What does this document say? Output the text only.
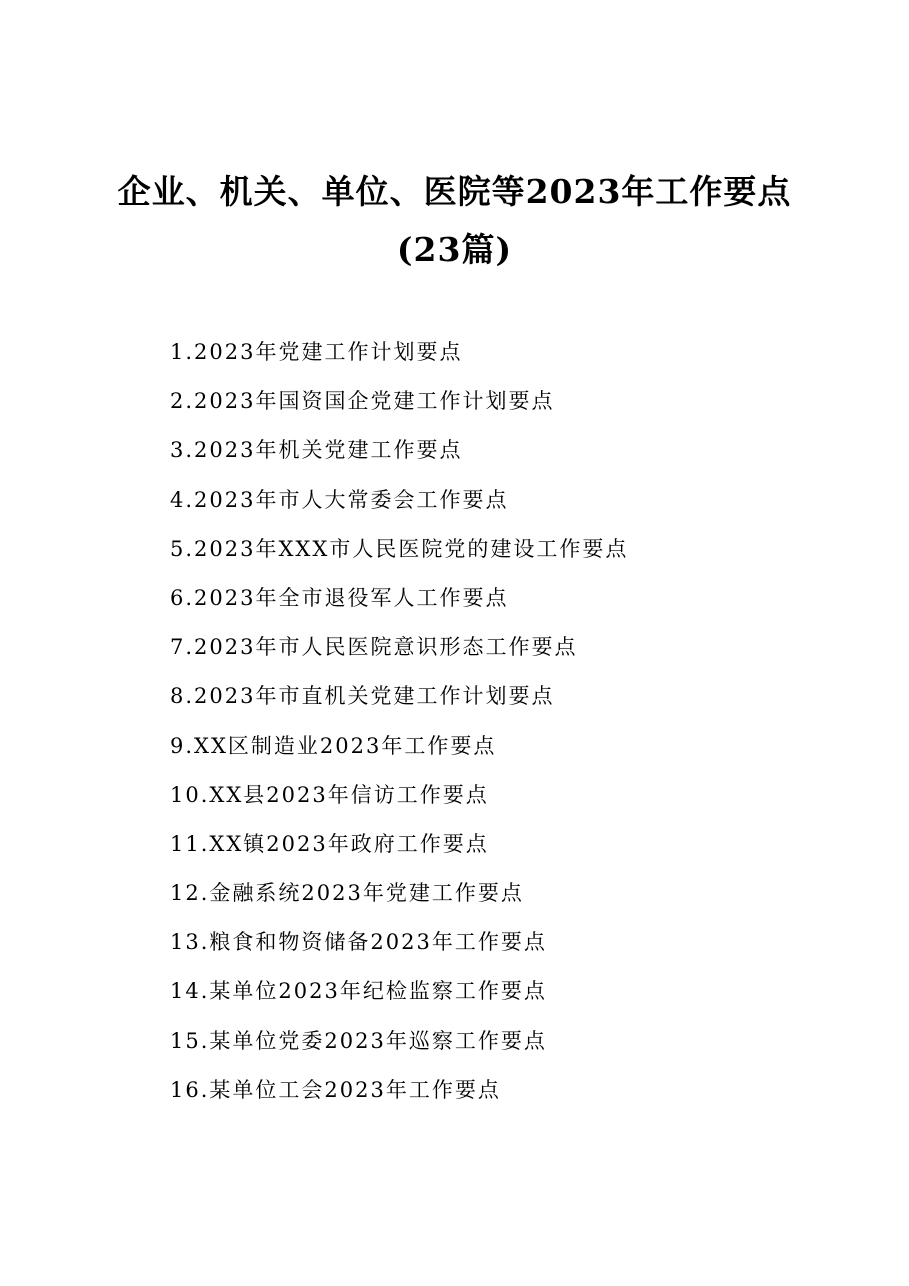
企业、机关、单位、医院等2023年工作要点
(23篇)
1.2023年党建工作计划要点
2.2023年国资国企党建工作计划要点
3.2023年机关党建工作要点
4.2023年市人大常委会工作要点
5.2023年XXX市人民医院党的建设工作要点
6.2023年全市退役军人工作要点
7.2023年市人民医院意识形态工作要点
8.2023年市直机关党建工作计划要点
9.XX区制造业2023年工作要点
10.XX县2023年信访工作要点
11.XX镇2023年政府工作要点
12.金融系统2023年党建工作要点
13.粮食和物资储备2023年工作要点
14.某单位2023年纪检监察工作要点
15.某单位党委2023年巡察工作要点
16.某单位工会2023年工作要点
